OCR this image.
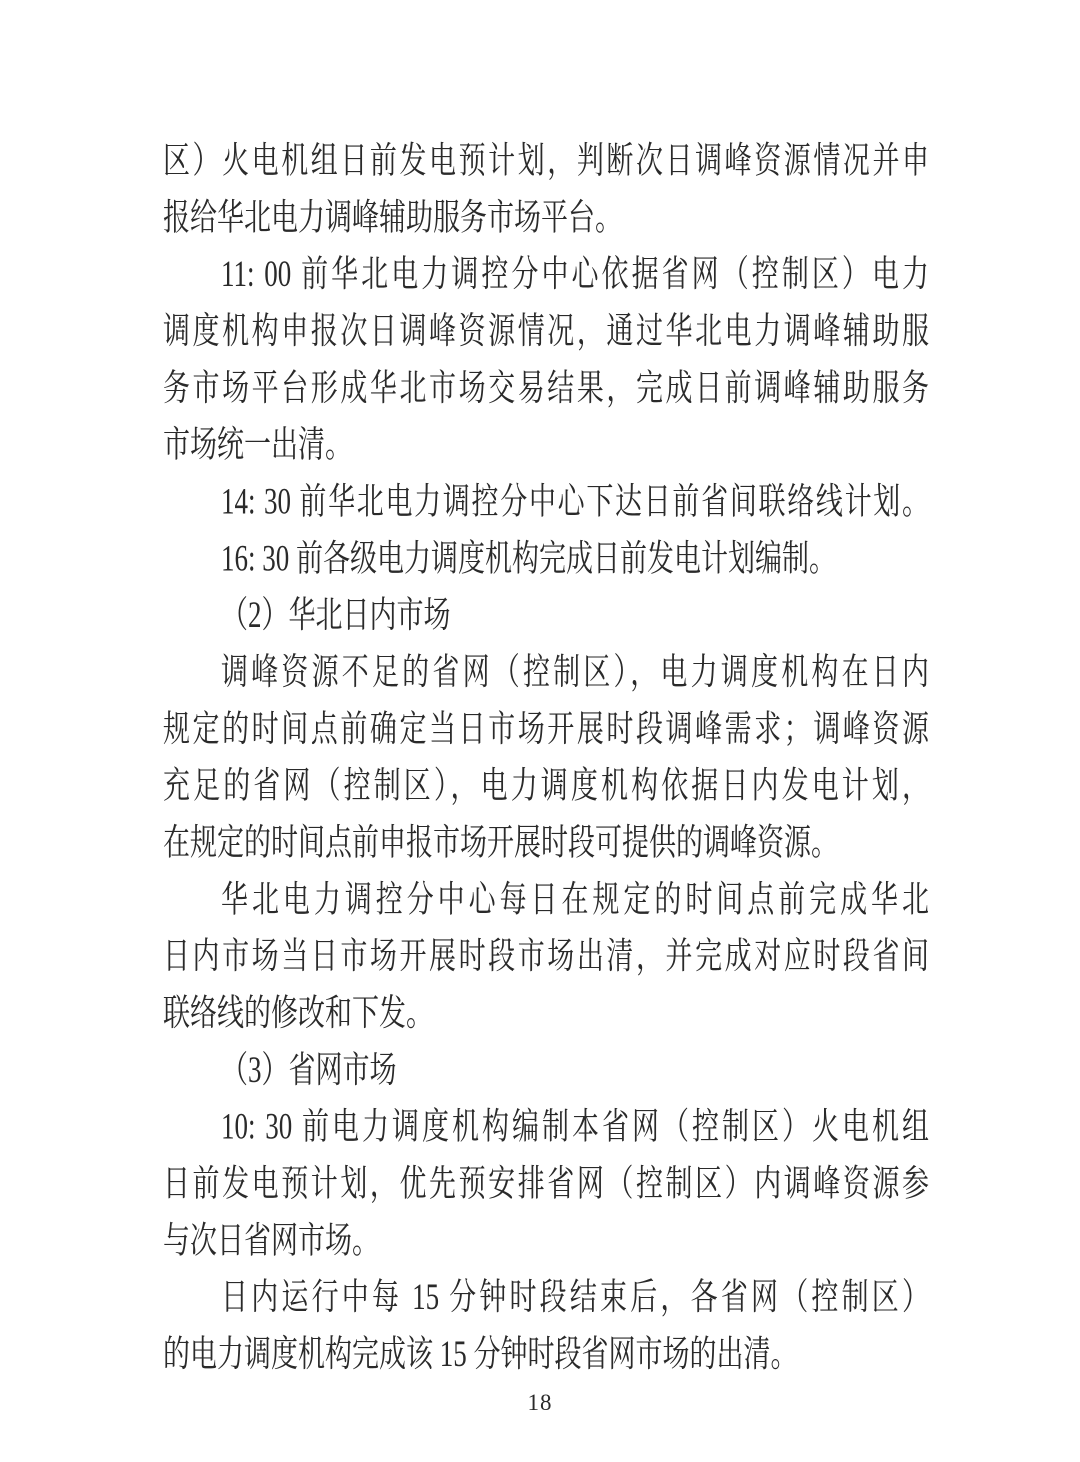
区）火电机组日前发电预计划，判断次日调峰资源情况并申
报给华北电力调峰辅助服务市场平台。
11: 00 前华北电力调控分中心依据省网（控制区）电力
调度机构申报次日调峰资源情况，通过华北电力调峰辅助服
务市场平台形成华北市场交易结果，完成日前调峰辅助服务
市场统一出清。
14: 30 前华北电力调控分中心下达日前省间联络线计划。
16: 30 前各级电力调度机构完成日前发电计划编制。
（2）华北日内市场
调峰资源不足的省网（控制区），电力调度机构在日内
规定的时间点前确定当日市场开展时段调峰需求；调峰资源
充足的省网（控制区），电力调度机构依据日内发电计划，
在规定的时间点前申报市场开展时段可提供的调峰资源。
华北电力调控分中心每日在规定的时间点前完成华北
日内市场当日市场开展时段市场出清，并完成对应时段省间
联络线的修改和下发。
（3）省网市场
10: 30 前电力调度机构编制本省网（控制区）火电机组
日前发电预计划，优先预安排省网（控制区）内调峰资源参
与次日省网市场。
日内运行中每 15 分钟时段结束后，各省网（控制区）
的电力调度机构完成该 15 分钟时段省网市场的出清。
18
